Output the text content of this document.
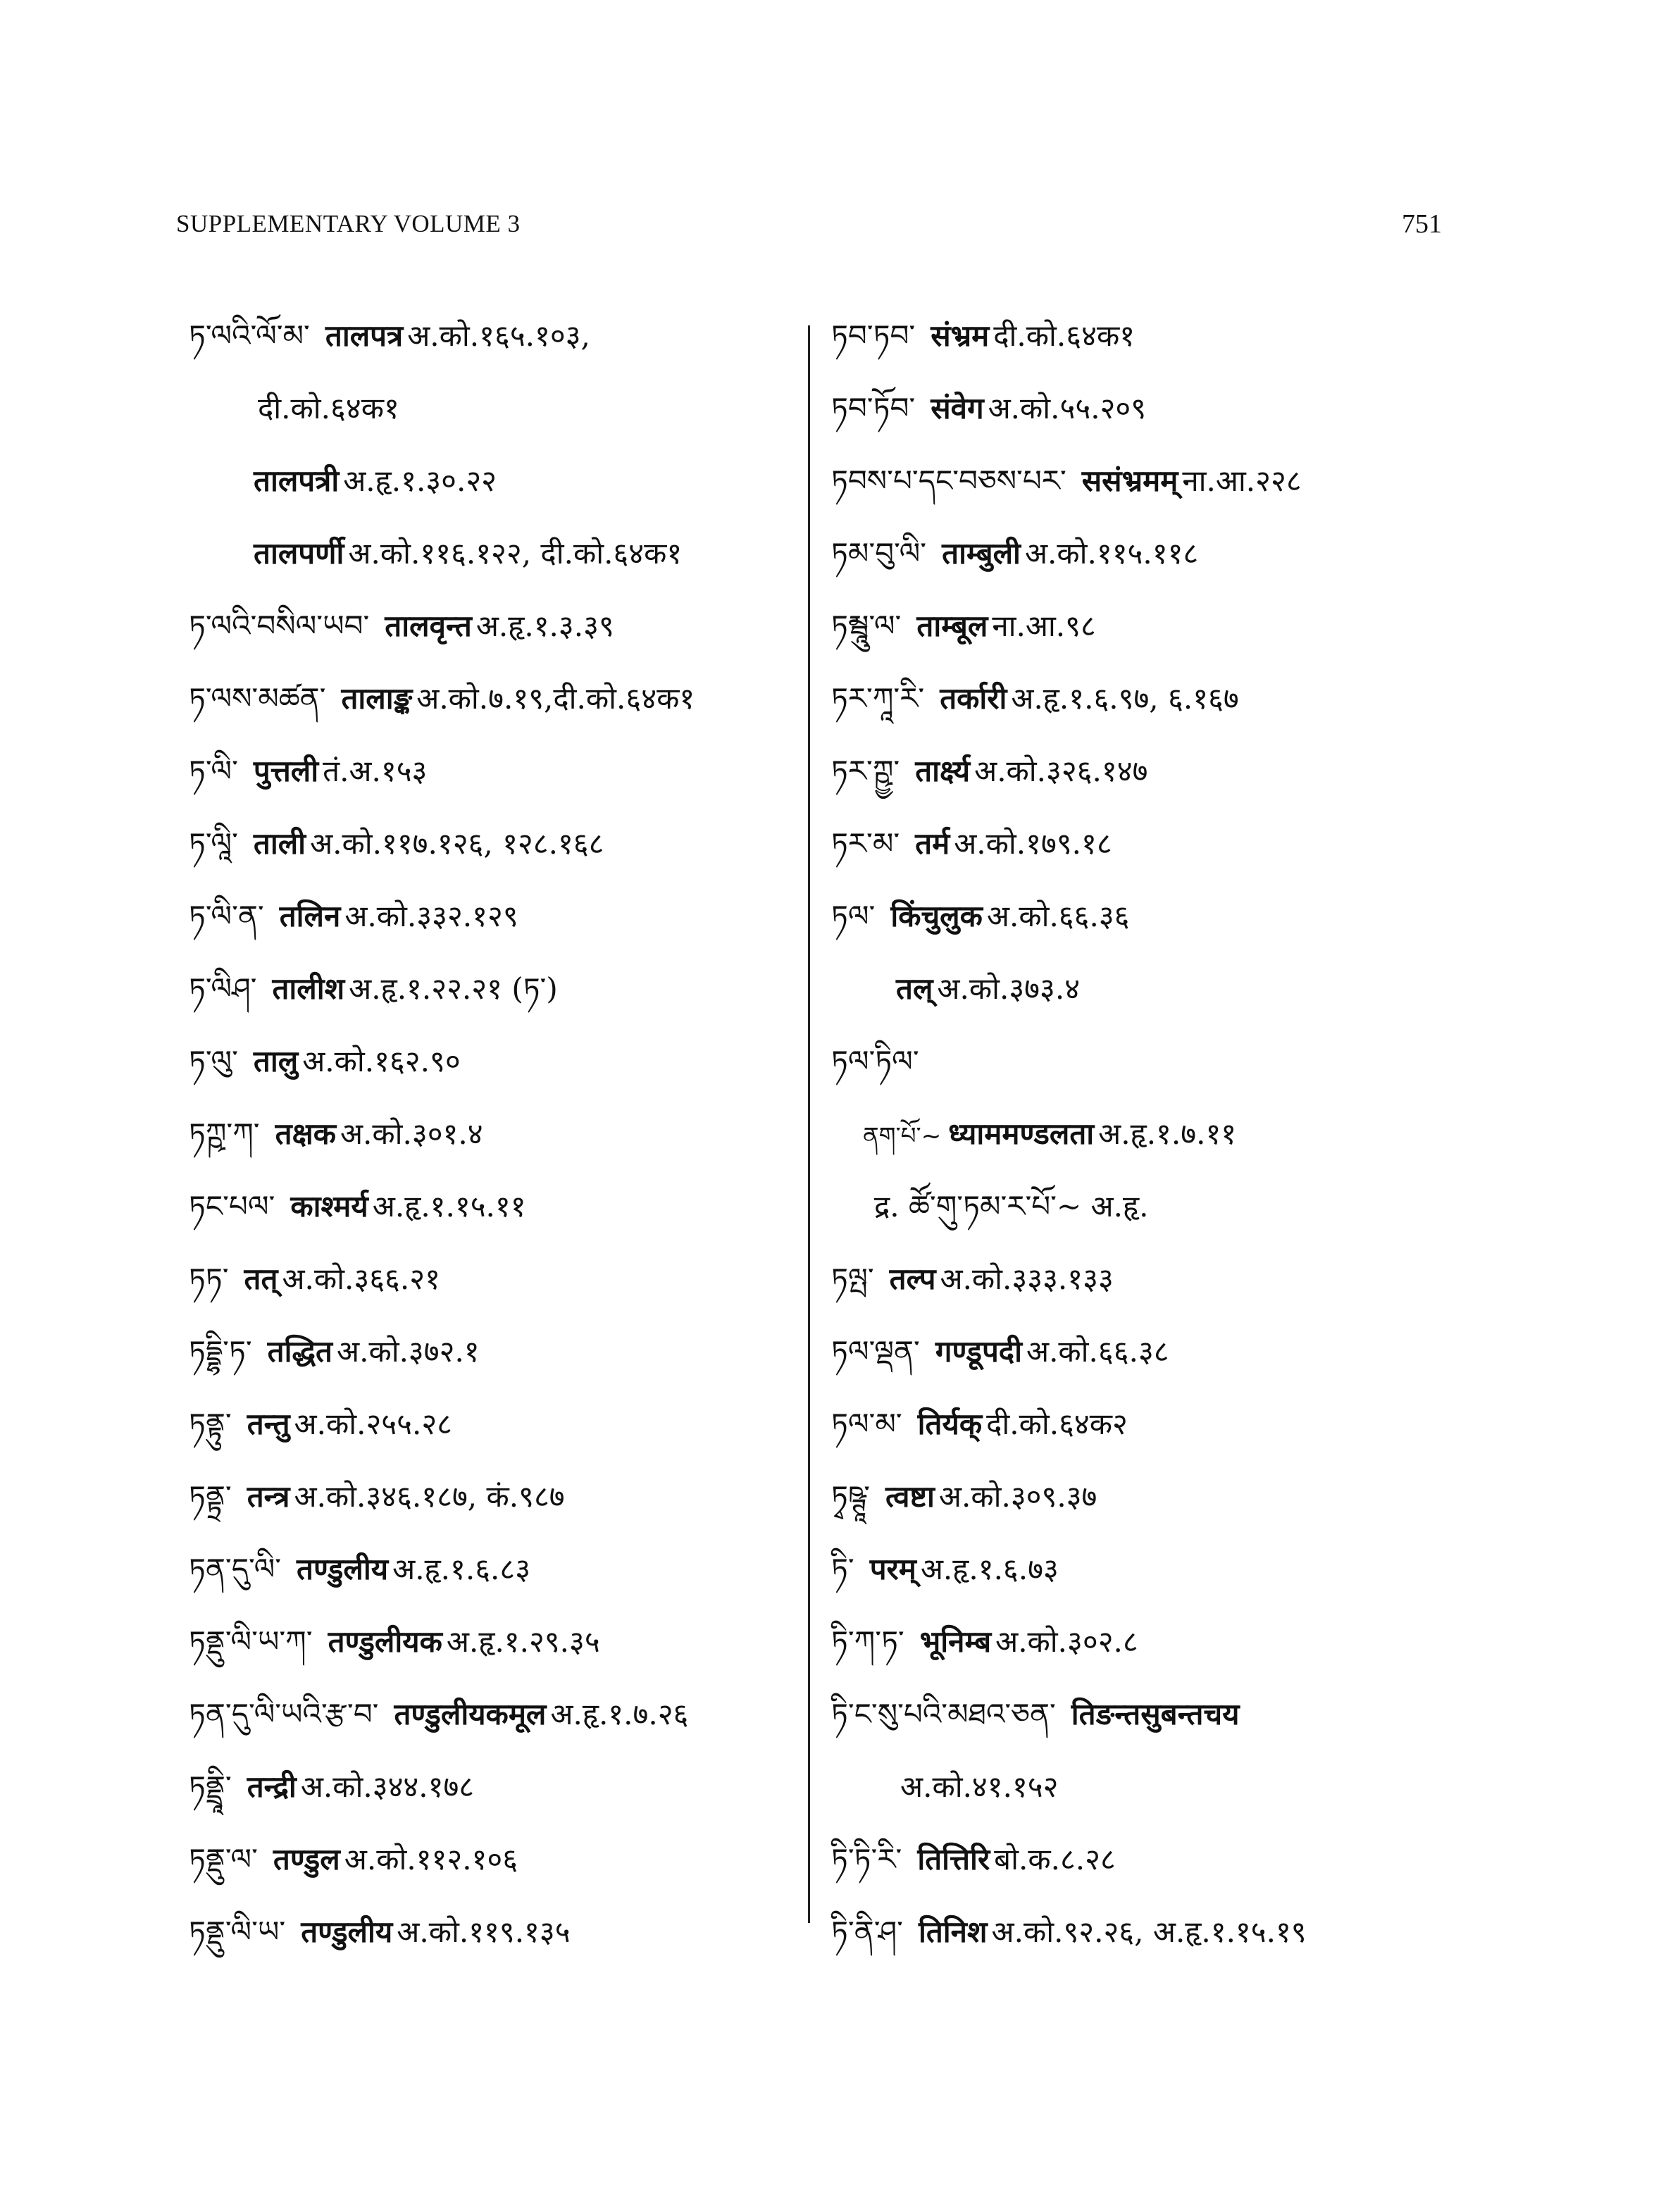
SUPPLEMENTARY VOLUME 3	751
ཏ་ལའི་ལོ་མ་ तालपत्र अ.को.१६५.१०३,
दी.को.६४क१
तालपत्री अ.हृ.१.३०.२२
तालपर्णी अ.को.११६.१२२, दी.को.६४क१
ཏ་ལའི་བསིལ་ཡབ་ तालवृन्त अ.हृ.१.३.३९
ཏ་ལས་མཚན་ तालाङ्क अ.को.७.१९,दी.को.६४क१
ཏ་ལི་ पुत्तली तं.अ.१५३
ཏ་ལཱི་ ताली अ.को.११७.१२६, १२८.१६८
ཏ་ལི་ན་ तलिन अ.को.३३२.१२९
ཏ་ལིཤ་ तालीश अ.हृ.१.२२.२१ (ཏ་)
ཏ་ལུ་ तालु अ.को.१६२.९०
ཏཀྵ་ཀ་ तक्षक अ.को.३०१.४
ཏང་པལ་ काश्मर्य अ.हृ.१.१५.११
ཏཏ་ तत् अ.को.३६६.२१
ཏདྡྷི་ཏ་ तद्धित अ.को.३७२.१
ཏནྟུ་ तन्तु अ.को.२५५.२८
ཏནྟྲ་ तन्त्र अ.को.३४६.१८७, कं.९८७
ཏན་དུ་ལི་ तण्डुलीय अ.हृ.१.६.८३
ཏནྡུ་ལི་ཡ་ཀ་ तण्डुलीयक अ.हृ.१.२९.३५
ཏན་དུ་ལི་ཡའི་རྩ་བ་ तण्डुलीयकमूल अ.हृ.१.७.२६
ཏནྡྲཱི་ तन्द्री अ.को.३४४.१७८
ཏནྡུ་ལ་ तण्डुल अ.को.११२.१०६
ཏནྡུ་ལི་ཡ་ तण्डुलीय अ.को.११९.१३५
ཏབ་ཏབ་ संभ्रम दी.को.६४क१
ཏབ་ཏོབ་ संवेग अ.को.५५.२०९
ཏབས་པ་དང་བཅས་པར་ ससंभ्रमम् ना.आ.२२८
ཏམ་བུ་ལི་ ताम्बुली अ.को.११५.११८
ཏམྦཱུ་ལ་ ताम्बूल ना.आ.९८
ཏར་ཀཱ་རི་ तर्कारी अ.हृ.१.६.९७, ६.१६७
ཏར་ཀྵྱ་ तार्क्ष्य अ.को.३२६.१४७
ཏར་མ་ तर्म अ.को.१७९.१८
ཏལ་ किंचुलुक अ.को.६६.३६
तल् अ.को.३७३.४
ཏལ་ཏིལ་
ནག་པོ་~ ध्याममण्डलता अ.हृ.१.७.११
द्र. ཚོ་གུ་ཏམ་ར་པོ་~ अ.हृ.
ཏལྤ་ तल्प अ.को.३३३.१३३
ཏལ་ལྡན་ गण्डूपदी अ.को.६६.३८
ཏལ་མ་ तिर्यक् दी.को.६४क२
ཏྭཥྚཱ་ त्वष्टा अ.को.३०९.३७
ཏི་ परम् अ.हृ.१.६.७३
ཏི་ཀ་ཏ་ भूनिम्ब अ.को.३०२.८
ཏི་ང་སུ་པའི་མཐའ་ཅན་ तिङन्तसुबन्तचय
अ.को.४१.१५२
ཏི་ཏི་རི་ तित्तिरि बो.क.८.२८
ཏི་ནི་ཤ་ तिनिश अ.को.९२.२६, अ.हृ.१.१५.१९
